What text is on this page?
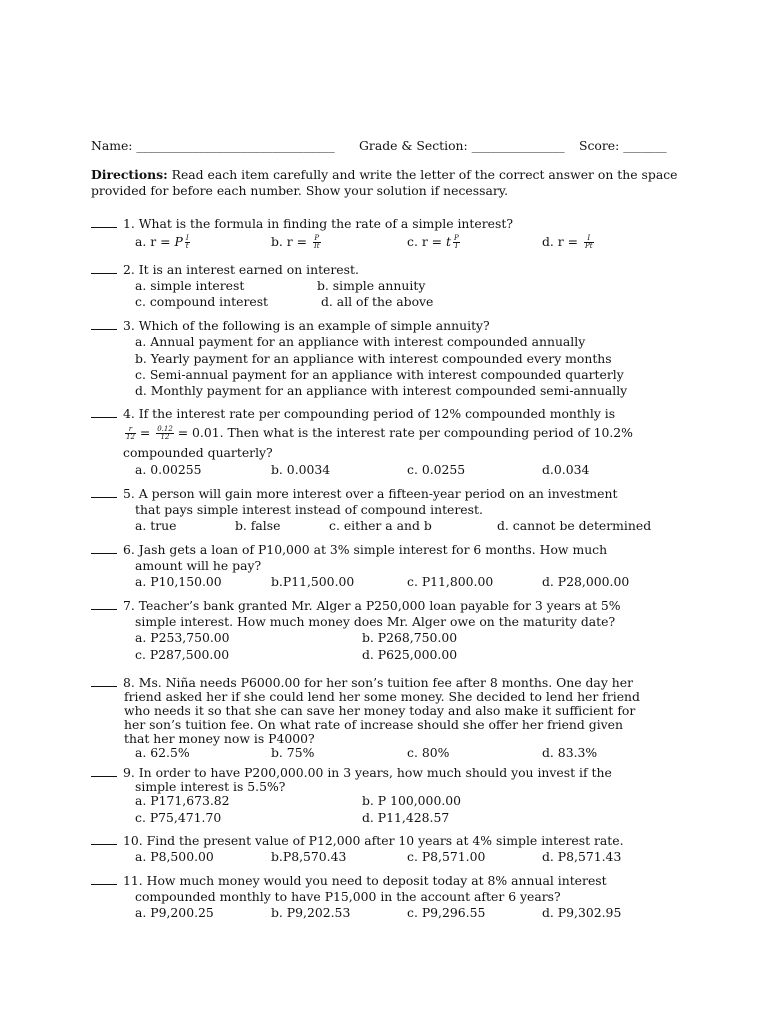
Name: ________________________________ Grade & Section: _______________ Score: _______
Directions: Read each item carefully and write the letter of the correct answer on the space provided for before each number. Show your solution if necessary.
1. What is the formula in finding the rate of a simple interest?
a. r = P $\frac{I}{t}$	b. $r = \frac{P}{It}$	c. r = t $\frac{P}{I}$	d. $r = \frac{I}{Pt}$
2. It is an interest earned on interest.
a. simple interest	b. simple annuity
c. compound interest	d. all of the above
3. Which of the following is an example of simple annuity?
a. Annual payment for an appliance with interest compounded annually
b. Yearly payment for an appliance with interest compounded every months
c. Semi-annual payment for an appliance with interest compounded quarterly
d. Monthly payment for an appliance with interest compounded semi-annually
4. If the interest rate per compounding period of 12% compounded monthly is
$\frac{r}{12} = \frac{0.12}{12} = 0.01$. Then what is the interest rate per compounding period of 10.2%
compounded quarterly?
a. 0.00255	b. 0.0034	c. 0.0255	d.0.034
5. A person will gain more interest over a fifteen-year period on an investment
that pays simple interest instead of compound interest.
a. true	b. false	c. either a and b	d. cannot be determined
6. Jash gets a loan of P10,000 at 3% simple interest for 6 months. How much
amount will he pay?
a. P10,150.00	b.P11,500.00	c. P11,800.00	d. P28,000.00
7. Teacher’s bank granted Mr. Alger a P250,000 loan payable for 3 years at 5%
simple interest. How much money does Mr. Alger owe on the maturity date?
a. P253,750.00	b. P268,750.00
c. P287,500.00	d. P625,000.00
8. Ms. Niña needs P6000.00 for her son’s tuition fee after 8 months. One day her
friend asked her if she could lend her some money. She decided to lend her friend
who needs it so that she can save her money today and also make it sufficient for
her son’s tuition fee. On what rate of increase should she offer her friend given
that her money now is P4000?
a. 62.5%	b. 75%	c. 80%	d. 83.3%
9. In order to have P200,000.00 in 3 years, how much should you invest if the
simple interest is 5.5%?
a. P171,673.82	b. P 100,000.00
c. P75,471.70	d. P11,428.57
10. Find the present value of P12,000 after 10 years at 4% simple interest rate.
a. P8,500.00	b.P8,570.43	c. P8,571.00	d. P8,571.43
11. How much money would you need to deposit today at 8% annual interest
compounded monthly to have P15,000 in the account after 6 years?
a. P9,200.25	b. P9,202.53	c. P9,296.55	d. P9,302.95
